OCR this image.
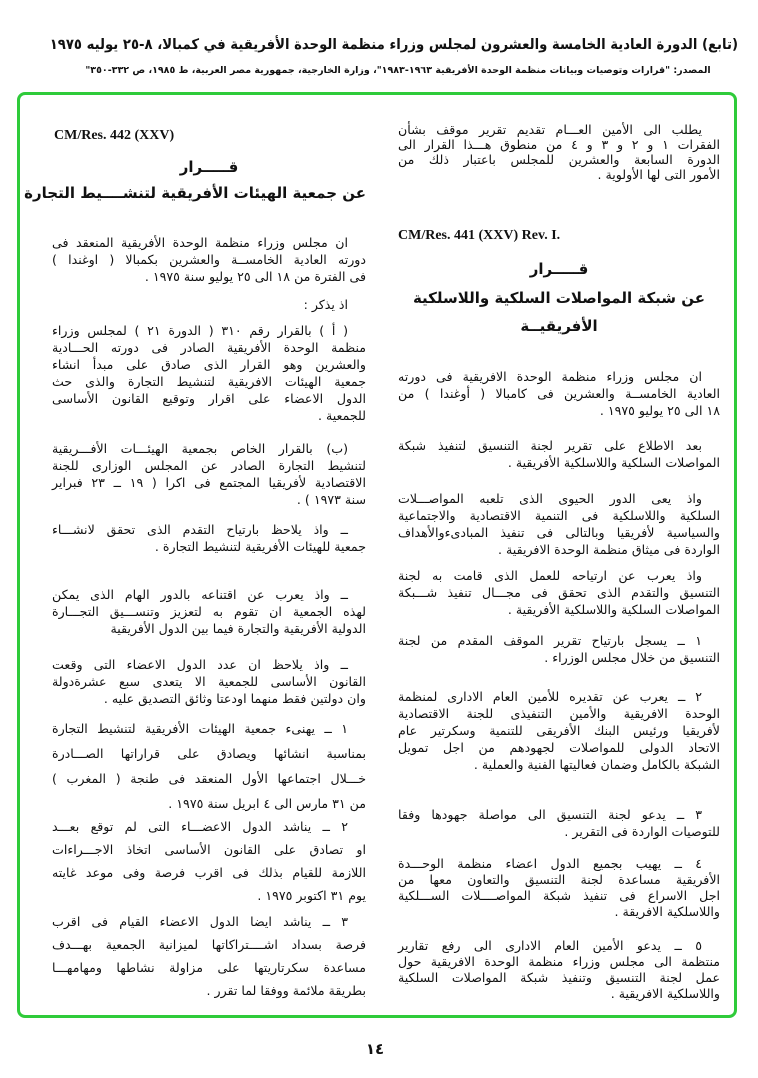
(تابع) الدورة العادية الخامسة والعشرون لمجلس وزراء منظمة الوحدة الأفريقية في كمبالا، ٨-٢٥ يوليه ١٩٧٥
المصدر: "قرارات وتوصيات وبيانات منظمة الوحدة الأفريقية ١٩٦٣-١٩٨٣"، وزارة الخارجية، جمهورية مصر العربية، ط ١٩٨٥، ص ٣٣٢-٣٥٠"
CM/Res. 441 (XXV) Rev. I.
قـــــرار
عن شبكة المواصلات السلكية واللاسلكية
الأفريقيــة
CM/Res. 442 (XXV)
قـــــرار
عن جمعية الهيئات الأفريقية لتنشــــيط التجارة
يطلب الى الأمين العـــام تقديم تقرير موقف بشأن
الفقرات ١ و ٢ و ٣ و ٤ من منطوق هـــذا القرار الى
الدورة السابعة والعشرين للمجلس باعتبار ذلك من
الأمور التى لها الأولوية .
ان مجلس وزراء منظمة الوحدة الافريقية فى دورته
العادية الخامســة والعشرين فى كامبالا ( أوغندا ) من
١٨ الى ٢٥ يوليو ١٩٧٥ .
بعد الاطلاع على تقرير لجنة التنسيق لتنفيذ شبكة
المواصلات السلكية واللاسلكية الأفريقية .
واذ يعى الدور الحيوى الذى تلعبه المواصـــلات
السلكية واللاسلكية فى التنمية الاقتصادية والاجتماعية
والسياسية لأفريقيا وبالتالى فى تنفيذ المبادىءوالأهداف
الواردة فى ميثاق منظمة الوحدة الافريقية .
واذ يعرب عن ارتياحه للعمل الذى قامت به لجنة
التنسيق والتقدم الذى تحقق فى مجـــال تنفيذ شـــبكة
المواصلات السلكية واللاسلكية الأفريقية .
١ ــ يسجل بارتياح تقرير الموقف المقدم من لجنة
التنسيق من خلال مجلس الوزراء .
٢ ــ يعرب عن تقديره للأمين العام الادارى لمنظمة
الوحدة الافريقية والأمين التنفيذى للجنة الاقتصادية
لأفريقيا ورئيس البنك الأفريقى للتنمية وسكرتير عام
الاتحاد الدولى للمواصلات لجهودهم من اجل تمويل
الشبكة بالكامل وضمان فعاليتها الفنية والعملية .
٣ ــ يدعو لجنة التنسيق الى مواصلة جهودها وفقا
للتوصيات الواردة فى التقرير .
٤ ــ يهيب بجميع الدول اعضاء منظمة الوحـــدة
الأفريقية مساعدة لجنة التنسيق والتعاون معها من
اجل الاسراع فى تنفيذ شبكة المواصــــلات الســـلكية
واللاسلكية الافريقة .
٥ ــ يدعو الأمين العام الادارى الى رفع تقارير
منتظمة الى مجلس وزراء منظمة الوحدة الافريقية حول
عمل لجنة التنسيق وتنفيذ شبكة المواصلات السلكية
واللاسلكية الافريقية .
ان مجلس وزراء منظمة الوحدة الأفريقية المنعقد فى
دورته العادية الخامســة والعشرين بكمبالا ( اوغندا )
فى الفترة من ١٨ الى ٢٥ يوليو سنة ١٩٧٥ .
اذ يذكر :
( أ ) بالقرار رقم ٣١٠ ( الدورة ٢١ ) لمجلس وزراء
منظمة الوحدة الأفريقية الصادر فى دورته الحـــادية
والعشرين وهو القرار الذى صادق على مبدأ انشاء
جمعية الهيئات الافريقية لتنشيط التجارة والذى حث
الدول الاعضاء على اقرار وتوقيع القانون الأساسى
للجمعية .
(ب) بالقرار الخاص بجمعية الهيئـــات الأفـــريقية
لتنشيط التجارة الصادر عن المجلس الوزارى للجنة
الاقتصادية لأفريقيا المجتمع فى اكرا ( ١٩ ــ ٢٣ فبراير
سنة ١٩٧٣ ) .
ــ واذ يلاحظ بارتياح التقدم الذى تحقق لانشـــاء
جمعية للهيئات الأفريقية لتنشيط التجارة .
ــ واذ يعرب عن اقتناعه بالدور الهام الذى يمكن
لهذه الجمعية ان تقوم به لتعزيز وتنســـيق التجـــارة
الدولية الأفريقية والتجارة فيما بين الدول الأفريقية
ــ واذ يلاحظ ان عدد الدول الاعضاء التى وقعت
القانون الأساسى للجمعية الا يتعدى سبع عشرةدولة
وان دولتين فقط منهما اودعتا وثائق التصديق عليه .
١ ــ يهنىء جمعية الهيئات الأفريقية لتنشيط التجارة
بمناسبة انشائها ويصادق على قراراتها الصـــادرة
خـــلال اجتماعها الأول المنعقد فى طنجة ( المغرب )
من ٣١ مارس الى ٤ ابريل سنة ١٩٧٥ .
٢ ــ يناشد الدول الاعضـــاء التى لم توقع بعـــد
او تصادق على القانون الأساسى اتخاذ الاجـــراءات
اللازمة للقيام بذلك فى اقرب فرصة وفى موعد غايته
يوم ٣١ اكتوبر ١٩٧٥ .
٣ ــ يناشد ايضا الدول الاعضاء القيام فى اقرب
فرصة بسداد اشــــتراكاتها لميزانية الجمعية بهـــدف
مساعدة سكرتاريتها على مزاولة نشاطها ومهامهـــا
بطريقة ملائمة ووفقا لما تقرر .
١٤
